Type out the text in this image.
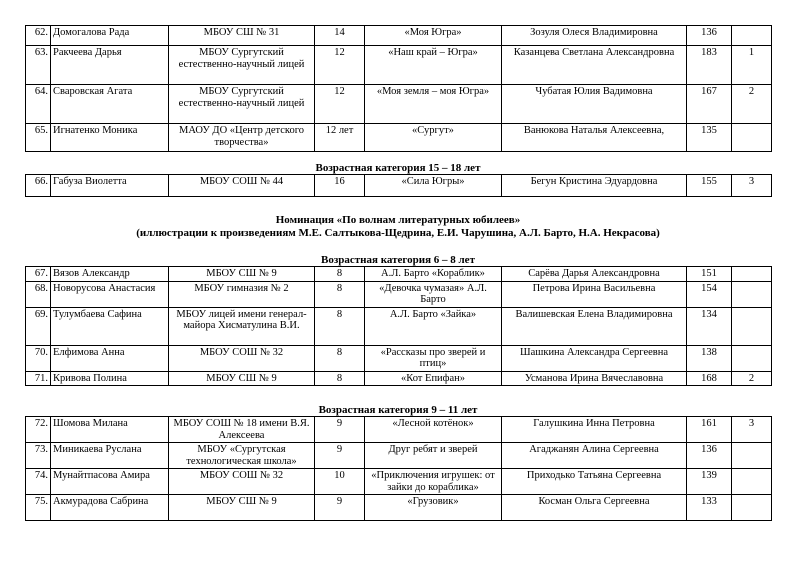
62.	Домогалова Рада	МБОУ СШ № 31	14	«Моя Югра»	Зозуля Олеся Владимировна	136	
63.	Ракчеева Дарья	МБОУ Сургутский естественно-научный лицей	12	«Наш край – Югра»	Казанцева Светлана Александровна	183	1
64.	Сваровская Агата	МБОУ Сургутский естественно-научный лицей	12	«Моя земля – моя Югра»	Чубатая Юлия Вадимовна	167	2
65.	Игнатенко Моника	МАОУ ДО «Центр детского творчества»	12 лет	«Сургут»	Ванюкова Наталья Алексеевна,	135	
Возрастная категория 15 – 18 лет
66.	Габуза Виолетта	МБОУ СОШ № 44	16	«Сила Югры»	Бегун Кристина Эдуардовна	155	3
Номинация «По волнам литературных юбилеев»
(иллюстрации к произведениям М.Е. Салтыкова-Щедрина, Е.И. Чарушина, А.Л. Барто, Н.А. Некрасова)
Возрастная категория 6 – 8 лет
67.	Вязов Александр	МБОУ СШ № 9	8	А.Л. Барто «Кораблик»	Сарёва Дарья Александровна	151	
68.	Новорусова Анастасия	МБОУ гимназия № 2	8	«Девочка чумазая» А.Л. Барто	Петрова Ирина Васильевна	154	
69.	Тулумбаева Сафина	МБОУ лицей имени генерал-майора Хисматулина В.И.	8	А.Л. Барто «Зайка»	Валишевская Елена Владимировна	134	
70.	Елфимова Анна	МБОУ СОШ № 32	8	«Рассказы про зверей и птиц»	Шашкина Александра Сергеевна	138	
71.	Кривова Полина	МБОУ СШ № 9	8	«Кот Епифан»	Усманова Ирина Вячеславовна	168	2
Возрастная категория 9 – 11 лет
72.	Шомова Милана	МБОУ СОШ № 18 имени В.Я. Алексеева	9	«Лесной котёнок»	Галушкина Инна Петровна	161	3
73.	Миникаева Руслана	МБОУ «Сургутская технологическая школа»	9	Друг ребят и зверей	Агаджанян Алина Сергеевна	136	
74.	Мунайтпасова Амира	МБОУ СОШ № 32	10	«Приключения игрушек: от зайки до кораблика»	Приходько Татьяна Сергеевна	139	
75.	Акмурадова Сабрина	МБОУ СШ № 9	9	«Грузовик»	Косман Ольга Сергеевна	133	
